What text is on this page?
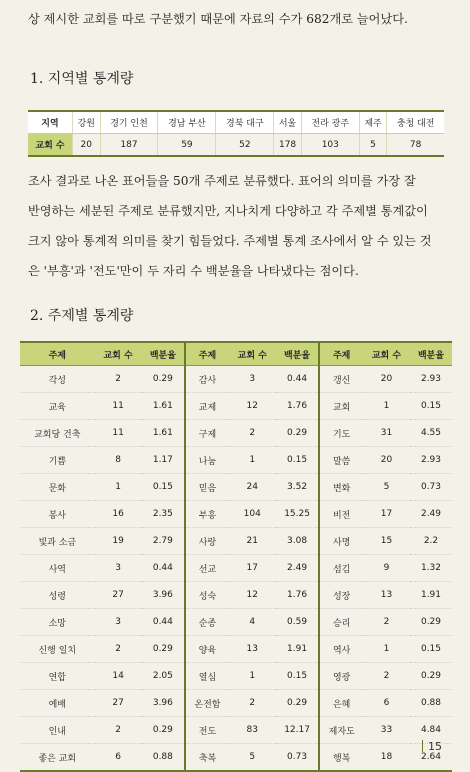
상 제시한 교회를 따로 구분했기 때문에 자료의 수가 682개로 늘어났다.

1. 지역별 통계량
지역	강원	경기 인천	경남 부산	경북 대구	서울	전라 광주	제주	충청 대전
교회 수	20	187	59	52	178	103	5	78

조사 결과로 나온 표어들을 50개 주제로 분류했다. 표어의 의미를 가장 잘

반영하는 세분된 주제로 분류했지만, 지나치게 다양하고 각 주제별 통계값이

크지 않아 통계적 의미를 찾기 힘들었다. 주제별 통계 조사에서 알 수 있는 것

은 '부흥'과 '전도'만이 두 자리 수 백분율을 나타냈다는 점이다.

2. 주제별 통계량
주제	교회 수	백분율	주제	교회 수	백분율	주제	교회 수	백분율
각성	2	0.29	감사	3	0.44	갱신	20	2.93
교육	11	1.61	교제	12	1.76	교회	1	0.15
교회당 건축	11	1.61	구제	2	0.29	기도	31	4.55
기쁨	8	1.17	나눔	1	0.15	말씀	20	2.93
문화	1	0.15	믿음	24	3.52	변화	5	0.73
봉사	16	2.35	부흥	104	15.25	비전	17	2.49
빛과 소금	19	2.79	사랑	21	3.08	사명	15	2.2
사역	3	0.44	선교	17	2.49	섬김	9	1.32
성령	27	3.96	성숙	12	1.76	성장	13	1.91
소망	3	0.44	순종	4	0.59	승리	2	0.29
신행 일치	2	0.29	양육	13	1.91	역사	1	0.15
연합	14	2.05	열심	1	0.15	영광	2	0.29
예배	27	3.96	온전함	2	0.29	은혜	6	0.88
인내	2	0.29	전도	83	12.17	제자도	33	4.84
좋은 교회	6	0.88	축복	5	0.73	행복	18	2.64
15
